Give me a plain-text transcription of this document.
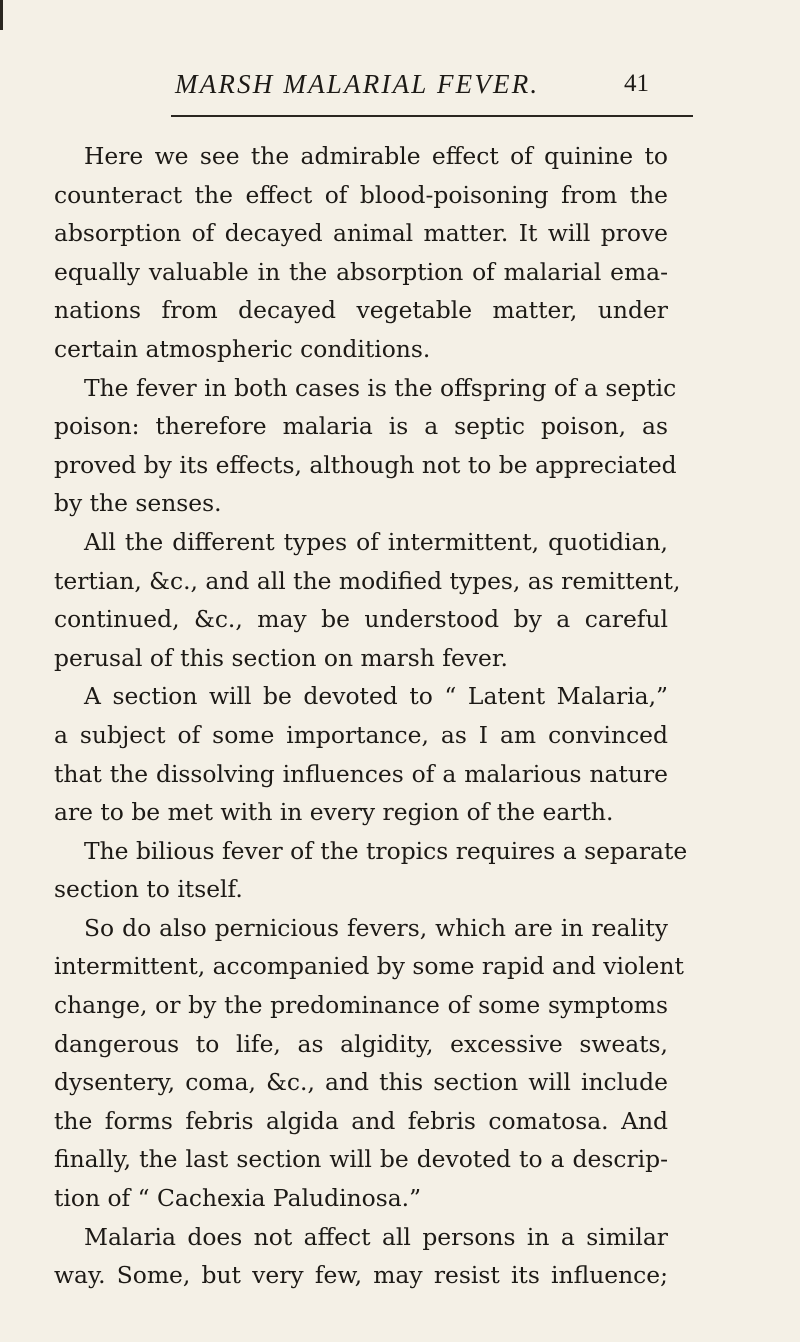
MARSH MALARIAL FEVER.	41
Here we see the admirable effect of quinine to
counteract the effect of blood-poisoning from the
absorption of decayed animal matter. It will prove
equally valuable in the absorption of malarial ema-
nations from decayed vegetable matter, under
certain atmospheric conditions.
The fever in both cases is the offspring of a septic
poison: therefore malaria is a septic poison, as
proved by its effects, although not to be appreciated
by the senses.
All the different types of intermittent, quotidian,
tertian, &c., and all the modified types, as remittent,
continued, &c., may be understood by a careful
perusal of this section on marsh fever.
A section will be devoted to “ Latent Malaria,”
a subject of some importance, as I am convinced
that the dissolving influences of a malarious nature
are to be met with in every region of the earth.
The bilious fever of the tropics requires a separate
section to itself.
So do also pernicious fevers, which are in reality
intermittent, accompanied by some rapid and violent
change, or by the predominance of some symptoms
dangerous to life, as algidity, excessive sweats,
dysentery, coma, &c., and this section will include
the forms febris algida and febris comatosa. And
finally, the last section will be devoted to a descrip-
tion of “ Cachexia Paludinosa.”
Malaria does not affect all persons in a similar
way. Some, but very few, may resist its influence;
